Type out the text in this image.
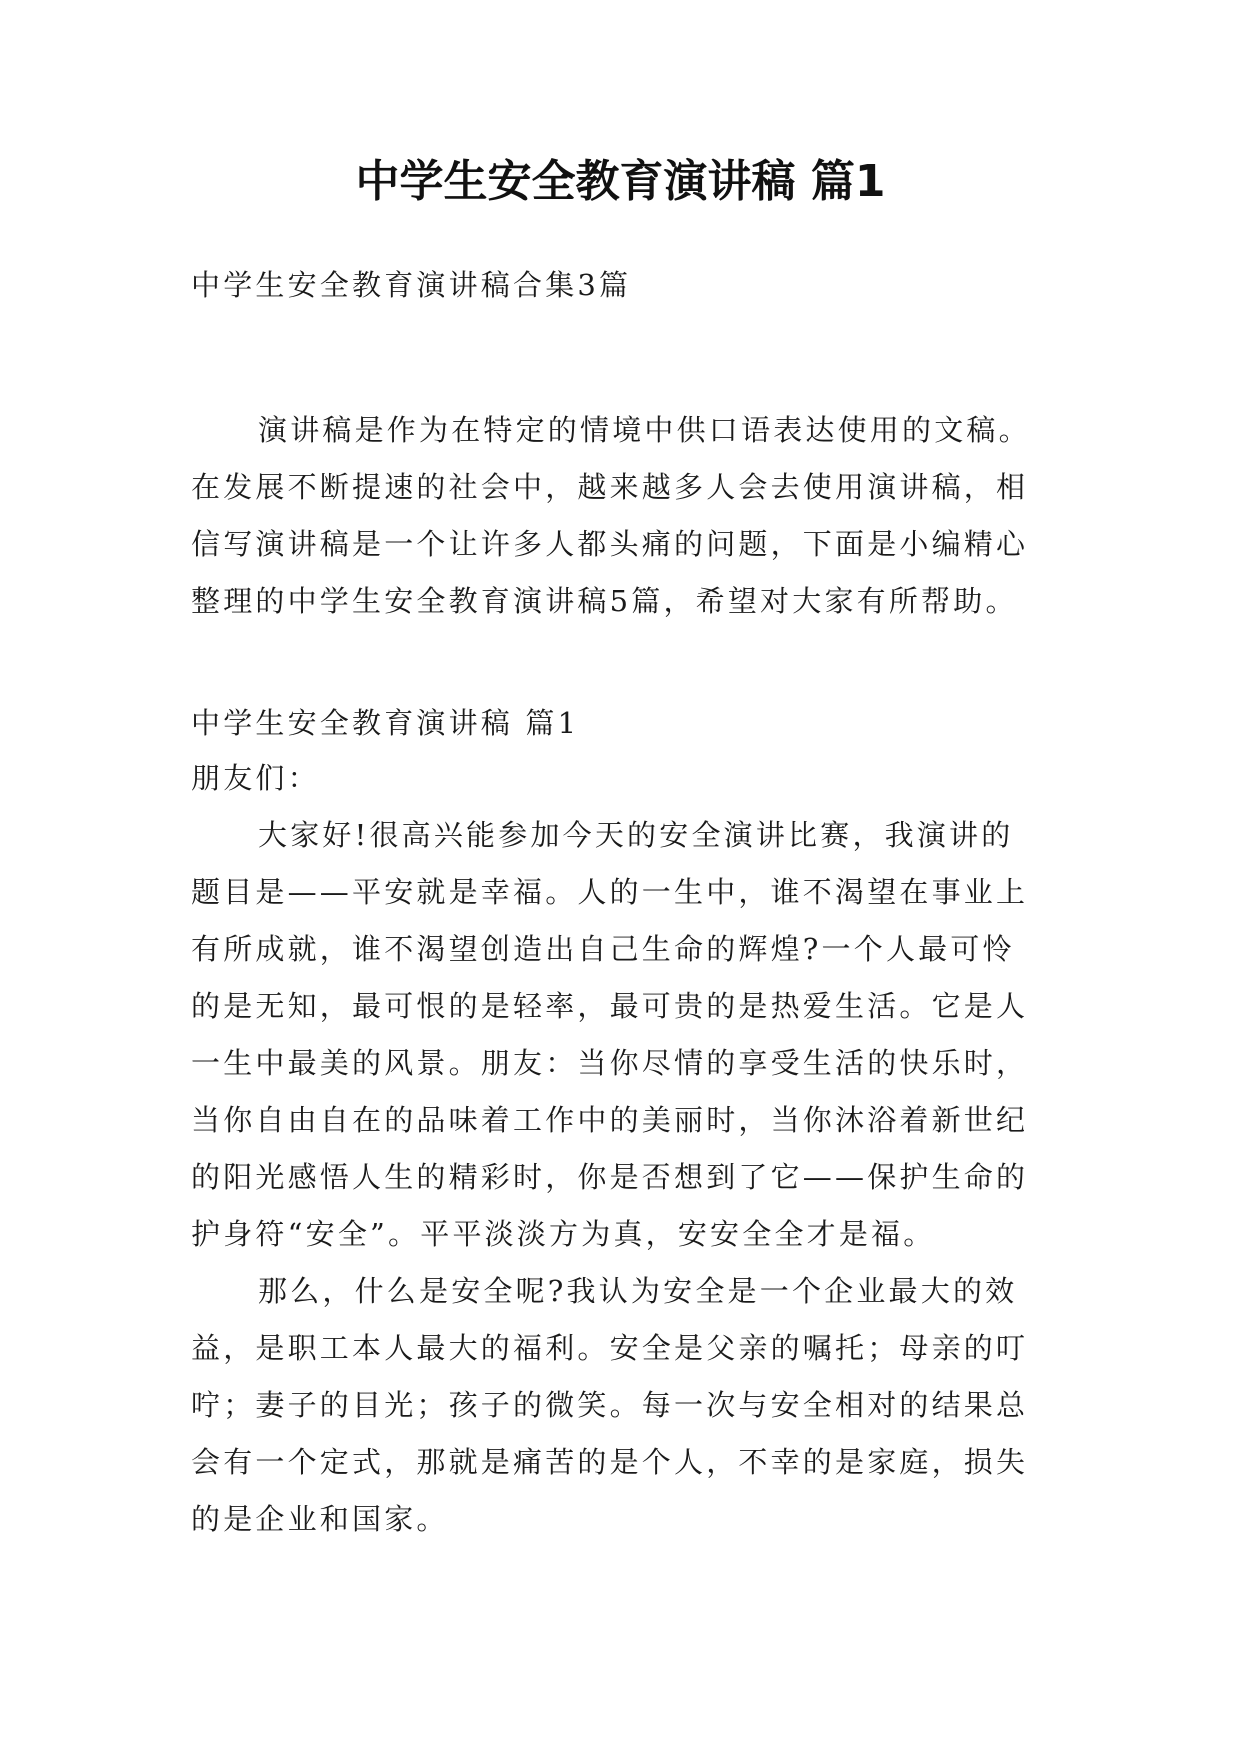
中学生安全教育演讲稿 篇1

中学生安全教育演讲稿合集3篇

演讲稿是作为在特定的情境中供口语表达使用的文稿。

在发展不断提速的社会中，越来越多人会去使用演讲稿，相

信写演讲稿是一个让许多人都头痛的问题，下面是小编精心

整理的中学生安全教育演讲稿5篇，希望对大家有所帮助。

中学生安全教育演讲稿 篇1

朋友们：

大家好!很高兴能参加今天的安全演讲比赛，我演讲的

题目是——平安就是幸福。人的一生中，谁不渴望在事业上

有所成就，谁不渴望创造出自己生命的辉煌?一个人最可怜

的是无知，最可恨的是轻率，最可贵的是热爱生活。它是人

一生中最美的风景。朋友：当你尽情的享受生活的快乐时，

当你自由自在的品味着工作中的美丽时，当你沐浴着新世纪

的阳光感悟人生的精彩时，你是否想到了它——保护生命的

护身符“安全”。平平淡淡方为真，安安全全才是福。

那么，什么是安全呢?我认为安全是一个企业最大的效

益，是职工本人最大的福利。安全是父亲的嘱托；母亲的叮

咛；妻子的目光；孩子的微笑。每一次与安全相对的结果总

会有一个定式，那就是痛苦的是个人，不幸的是家庭，损失

的是企业和国家。
